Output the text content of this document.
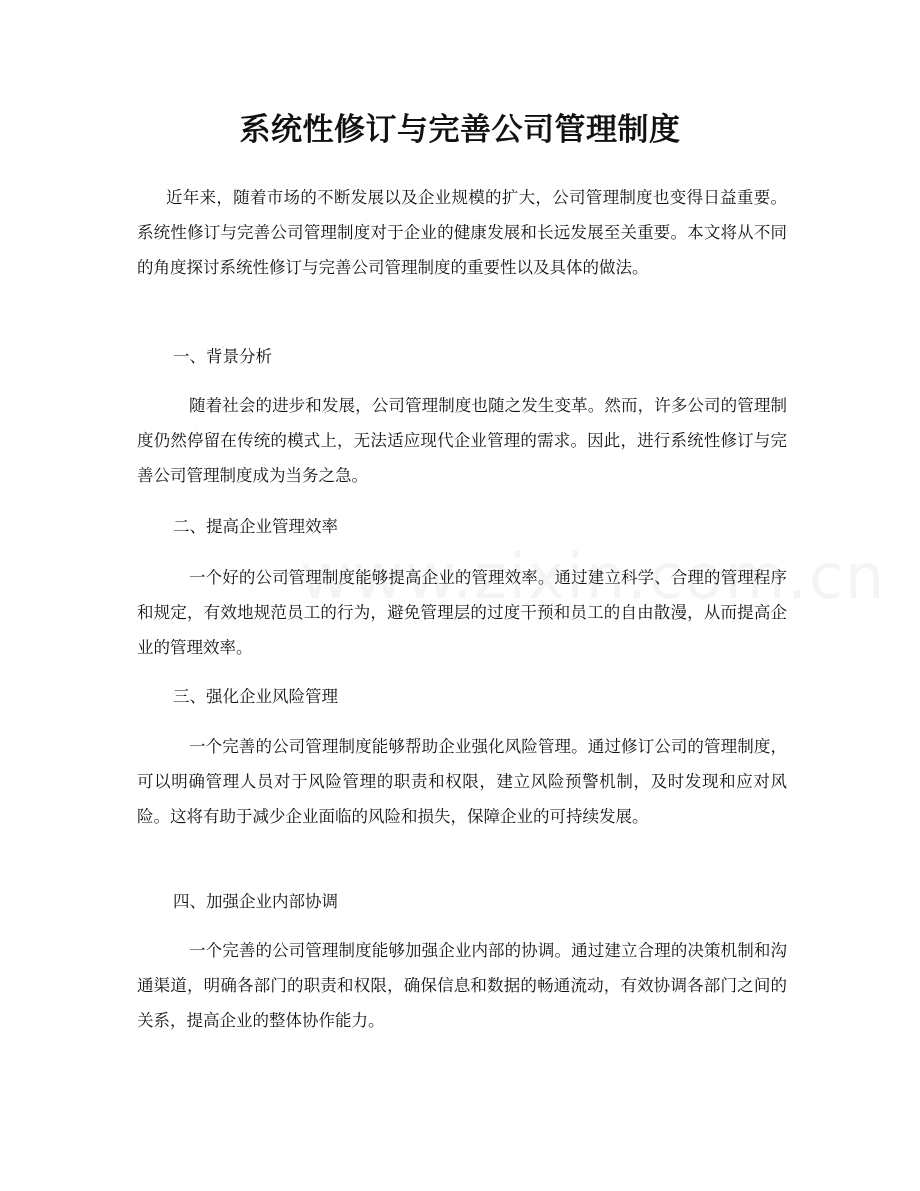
系统性修订与完善公司管理制度

近年来，随着市场的不断发展以及企业规模的扩大，公司管理制度也变得日益重要。系统性修订与完善公司管理制度对于企业的健康发展和长远发展至关重要。本文将从不同的角度探讨系统性修订与完善公司管理制度的重要性以及具体的做法。

一、背景分析

随着社会的进步和发展，公司管理制度也随之发生变革。然而，许多公司的管理制度仍然停留在传统的模式上，无法适应现代企业管理的需求。因此，进行系统性修订与完善公司管理制度成为当务之急。

二、提高企业管理效率

一个好的公司管理制度能够提高企业的管理效率。通过建立科学、合理的管理程序和规定，有效地规范员工的行为，避免管理层的过度干预和员工的自由散漫，从而提高企业的管理效率。

三、强化企业风险管理

一个完善的公司管理制度能够帮助企业强化风险管理。通过修订公司的管理制度，可以明确管理人员对于风险管理的职责和权限，建立风险预警机制，及时发现和应对风险。这将有助于减少企业面临的风险和损失，保障企业的可持续发展。

四、加强企业内部协调

一个完善的公司管理制度能够加强企业内部的协调。通过建立合理的决策机制和沟通渠道，明确各部门的职责和权限，确保信息和数据的畅通流动，有效协调各部门之间的关系，提高企业的整体协作能力。
